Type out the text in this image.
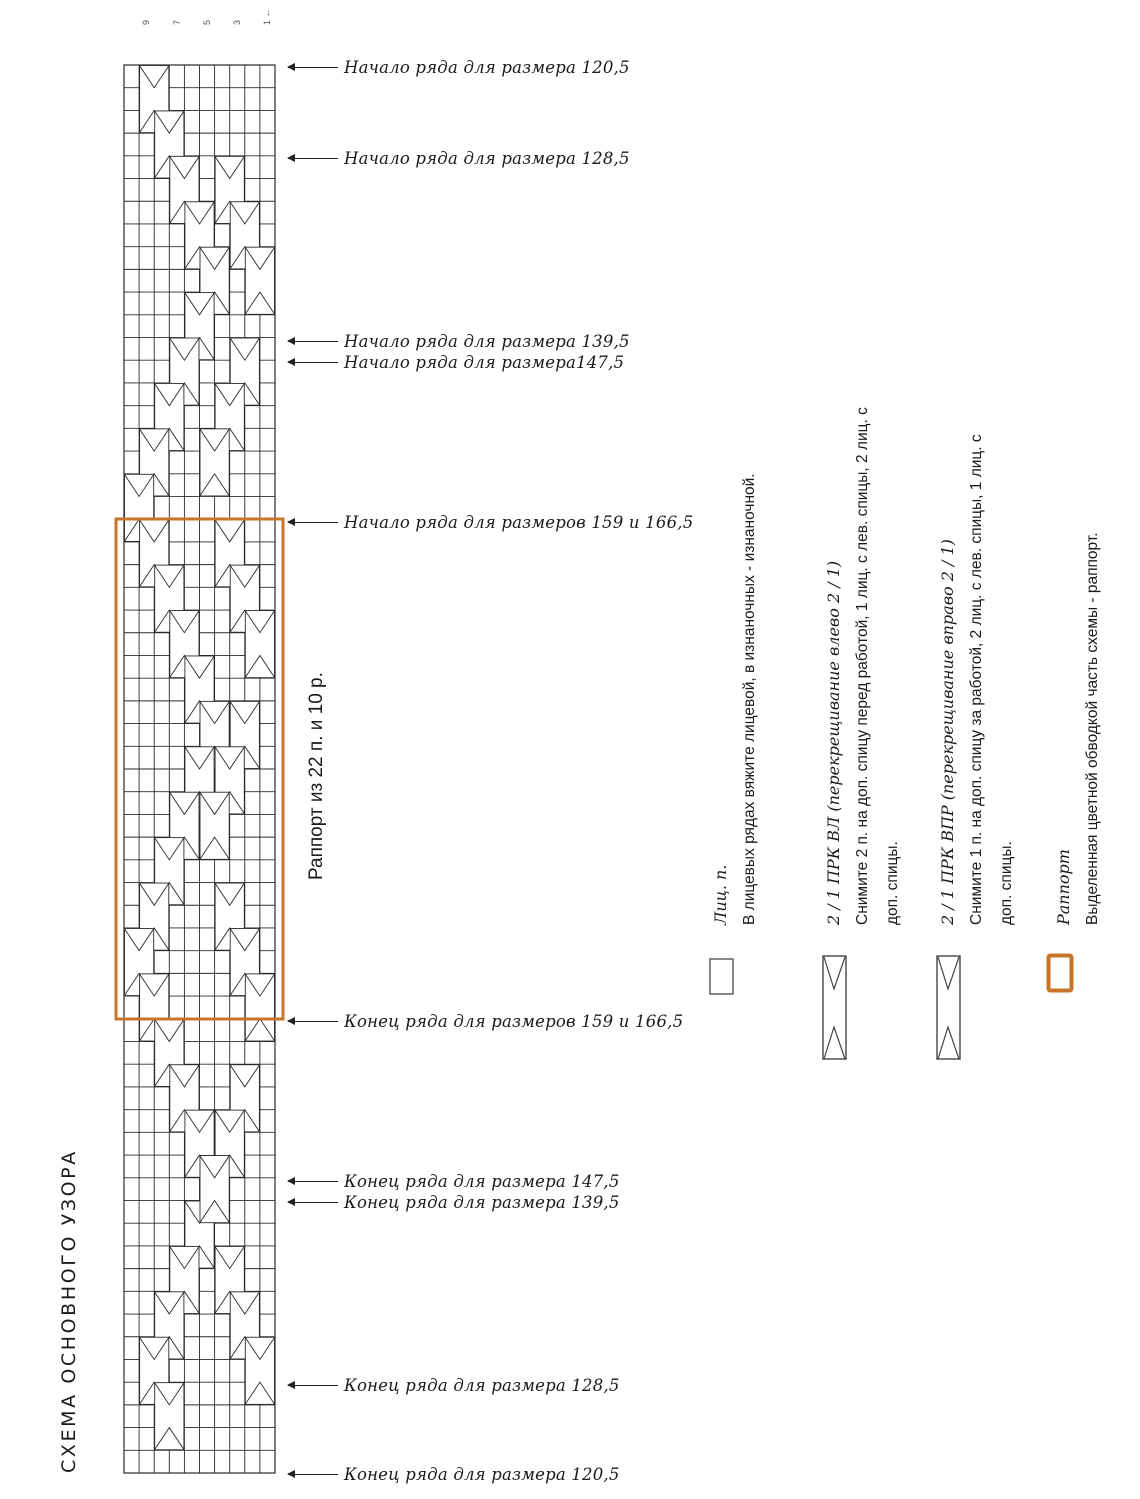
СХЕМА ОСНОВНОГО УЗОРА
9 7 5 3 1 ←
Раппорт из 22 п. и 10 р.
Начало ряда для размера 120,5
Начало ряда для размера 128,5
Начало ряда для размера 139,5
Начало ряда для размера147,5
Начало ряда для размеров 159 и 166,5
Конец ряда для размеров 159 и 166,5
Конец ряда для размера 147,5
Конец ряда для размера 139,5
Конец ряда для размера 128,5
Конец ряда для размера 120,5
Лиц. п. В лицевых рядах вяжите лицевой, в изнаночных - изнаночной.	2 / 1 ПРК ВЛ (перекрещивание влево 2 / 1) Снимите 2 п. на доп. спицу перед работой, 1 лиц. с лев. спицы, 2 лиц. с доп. спицы.	2 / 1 ПРК ВПР (перекрещивание вправо 2 / 1) Снимите 1 п. на доп. спицу за работой, 2 лиц. с лев. спицы, 1 лиц. с доп. спицы.	Раппорт Выделенная цветной обводкой часть схемы - раппорт.
